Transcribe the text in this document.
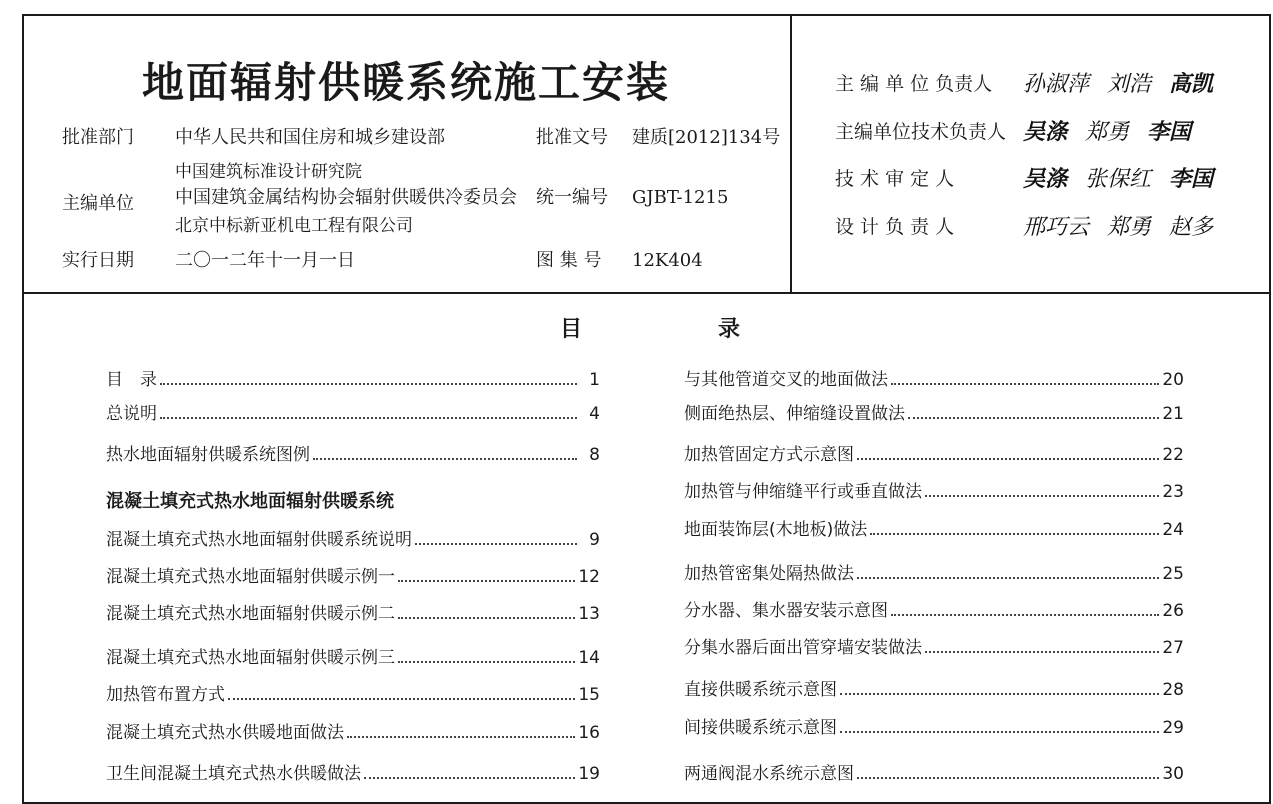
地面辐射供暖系统施工安装
批准部门 中华人民共和国住房和城乡建设部	批准文号 建质[2012]134号
中国建筑标准设计研究院
主编单位 中国建筑金属结构协会辐射供暖供冷委员会
北京中标新亚机电工程有限公司
统一编号 GJBT-1215
实行日期 二〇一二年十一月一日	图 集 号 12K404
主 编 单 位 负责人	孙淑萍 刘浩 高凯
主编单位技术负责人 吴涤 郑勇 李国
技 术 审 定 人	吴涤 张保红 李国
设 计 负 责 人	邢巧云 郑勇 赵多
目	录
目　录	1
总说明	4
热水地面辐射供暖系统图例	8
混凝土填充式热水地面辐射供暖系统说明	9
混凝土填充式热水地面辐射供暖示例一	12
混凝土填充式热水地面辐射供暖示例二	13
混凝土填充式热水地面辐射供暖示例三	14
加热管布置方式	15
混凝土填充式热水供暖地面做法	16
卫生间混凝土填充式热水供暖做法	19
混凝土填充式热水地面辐射供暖系统
与其他管道交叉的地面做法	20
侧面绝热层、伸缩缝设置做法	21
加热管固定方式示意图	22
加热管与伸缩缝平行或垂直做法	23
地面装饰层(木地板)做法	24
加热管密集处隔热做法	25
分水器、集水器安装示意图	26
分集水器后面出管穿墙安装做法	27
直接供暖系统示意图	28
间接供暖系统示意图	29
两通阀混水系统示意图	30
